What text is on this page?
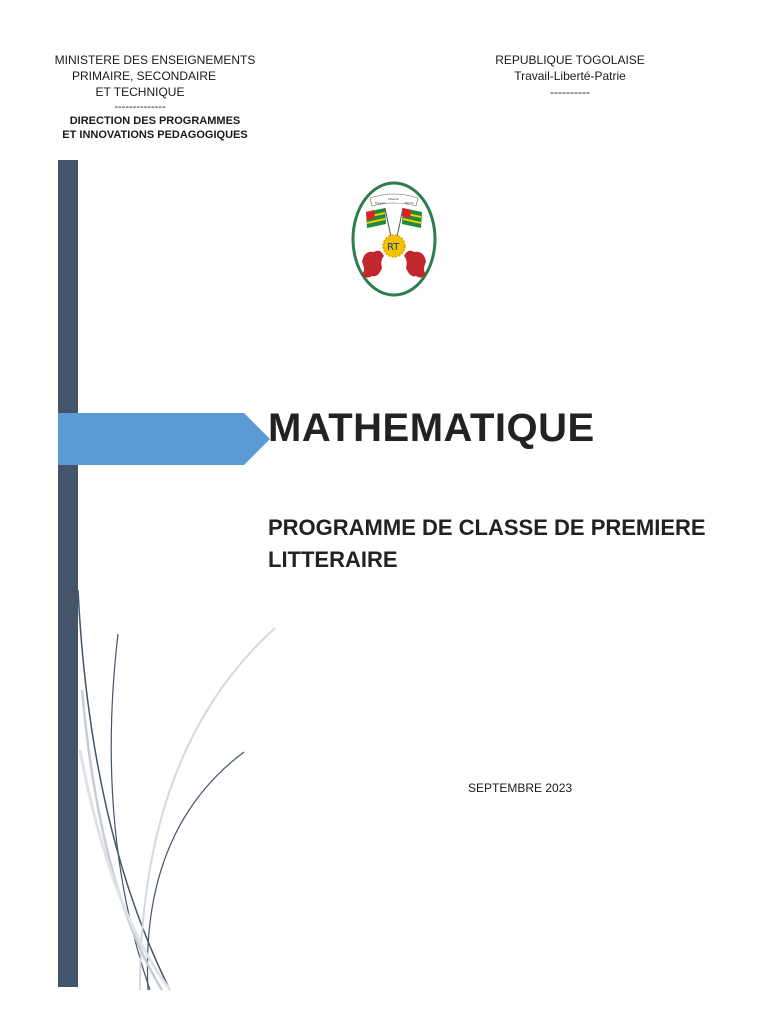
MINISTERE DES ENSEIGNEMENTS
PRIMAIRE, SECONDAIRE
ET TECHNIQUE
--------------
DIRECTION DES PROGRAMMES
ET INNOVATIONS PEDAGOGIQUES
REPUBLIQUE TOGOLAISE
Travail-Liberté-Patrie
----------
Travail
Liberté
Patrie
RT
MATHEMATIQUE
PROGRAMME DE CLASSE DE PREMIERE
LITTERAIRE
SEPTEMBRE 2023
